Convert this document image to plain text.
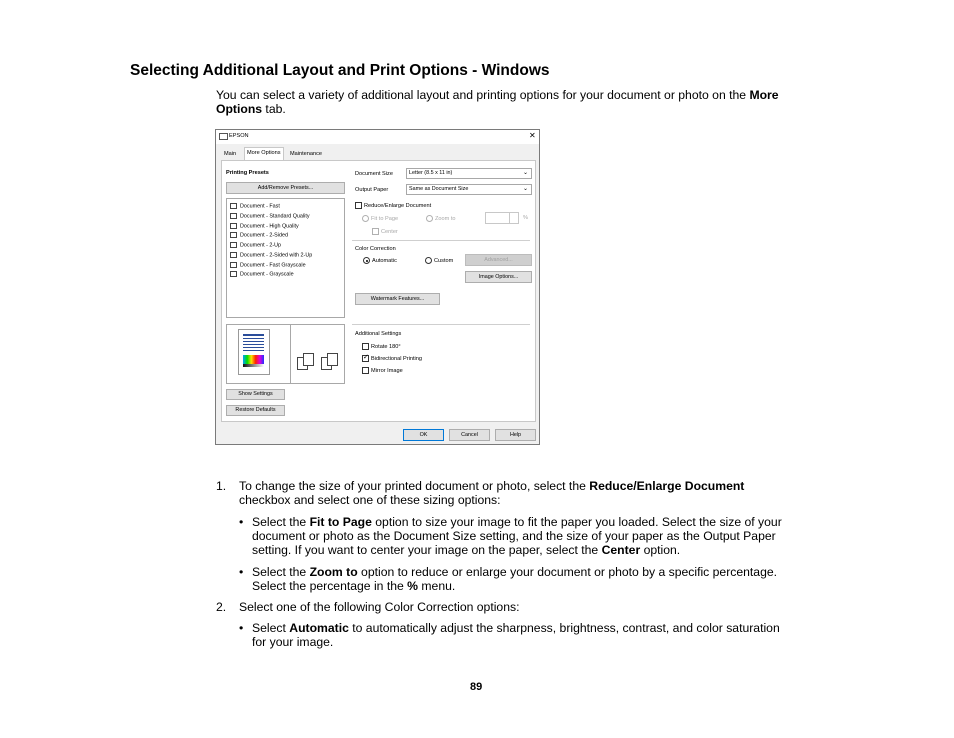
Selecting Additional Layout and Print Options - Windows
You can select a variety of additional layout and printing options for your document or photo on the More Options tab.
EPSON	✕
Main	More Options	Maintenance
Printing Presets
Add/Remove Presets...
Document - Fast
Document - Standard Quality
Document - High Quality
Document - 2-Sided
Document - 2-Up
Document - 2-Sided with 2-Up
Document - Fast Grayscale
Document - Grayscale
Show Settings
Restore Defaults
Document Size	Letter (8.5 x 11 in)	⌄
Output Paper	Same as Document Size	⌄
Reduce/Enlarge Document
Fit to Page	Zoom to	%
Center
Color Correction
Automatic	Custom	Advanced...
Image Options...
Watermark Features...
Additional Settings
Rotate 180°
✓
Bidirectional Printing
Mirror Image
OK	Cancel	Help
1. To change the size of your printed document or photo, select the Reduce/Enlarge Document
checkbox and select one of these sizing options:
• Select the Fit to Page option to size your image to fit the paper you loaded. Select the size of your
document or photo as the Document Size setting, and the size of your paper as the Output Paper
setting. If you want to center your image on the paper, select the Center option.
• Select the Zoom to option to reduce or enlarge your document or photo by a specific percentage.
Select the percentage in the % menu.
2. Select one of the following Color Correction options:
• Select Automatic to automatically adjust the sharpness, brightness, contrast, and color saturation
for your image.
89
